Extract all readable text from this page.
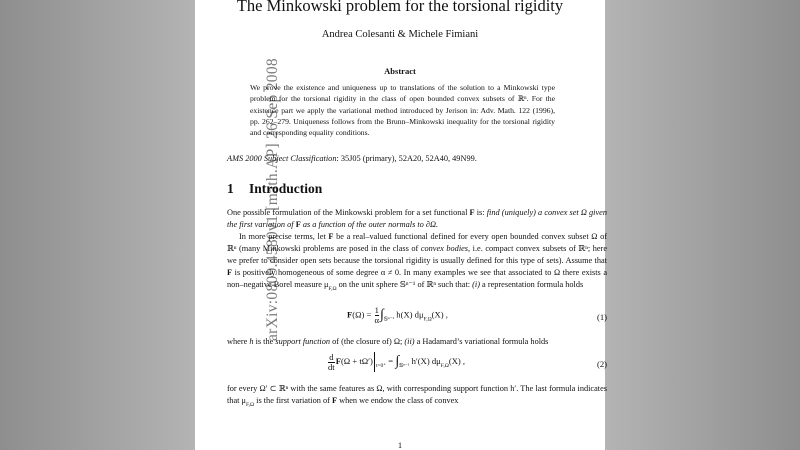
arXiv:0809.4580v1 [math.AP] 26 Sep 2008
The Minkowski problem for the torsional rigidity
Andrea Colesanti & Michele Fimiani
Abstract
We prove the existence and uniqueness up to translations of the solution to a Minkowski type problem for the torsional rigidity in the class of open bounded convex subsets of ℝⁿ. For the existence part we apply the variational method introduced by Jerison in: Adv. Math. 122 (1996), pp. 262–279. Uniqueness follows from the Brunn–Minkowski inequality for the torsional rigidity and corresponding equality conditions.
AMS 2000 Subject Classification: 35J05 (primary), 52A20, 52A40, 49N99.
1 Introduction
One possible formulation of the Minkowski problem for a set functional F is: find (uniquely) a convex set Ω given the first variation of F as a function of the outer normals to ∂Ω.
In more precise terms, let F be a real–valued functional defined for every open bounded convex subset Ω of ℝⁿ (many Minkowski problems are posed in the class of convex bodies, i.e. compact convex subsets of ℝⁿ; here we prefer to consider open sets because the torsional rigidity is usually defined for this type of sets). Assume that F is positively homogeneous of some degree α ≠ 0. In many examples we see that associated to Ω there exists a non–negative Borel measure $\mu_{F,\Omega}$ on the unit sphere 𝕊ⁿ⁻¹ of ℝⁿ such that: (i) a representation formula holds
$F(\Omega) = \frac{1}{\alpha} \int_{𝕊^{n-1}}$ h(X) $d\mu_{F,\Omega}(X)$ ,	(1)
where h is the support function of (the closure of) Ω; (ii) a Hadamard’s variational formula holds
$\frac{d}{dt} F(\Omega + t\Omega') _{t=0^+} = \int_{𝕊^{n-1}}$ h′(X) $d\mu_{F,\Omega}(X)$ ,	(2)
for every Ω′ ⊂ ℝⁿ with the same features as Ω, with corresponding support function h′. The last formula indicates that $\mu_{F,\Omega}$ is the first variation of F when we endow the class of convex
1
